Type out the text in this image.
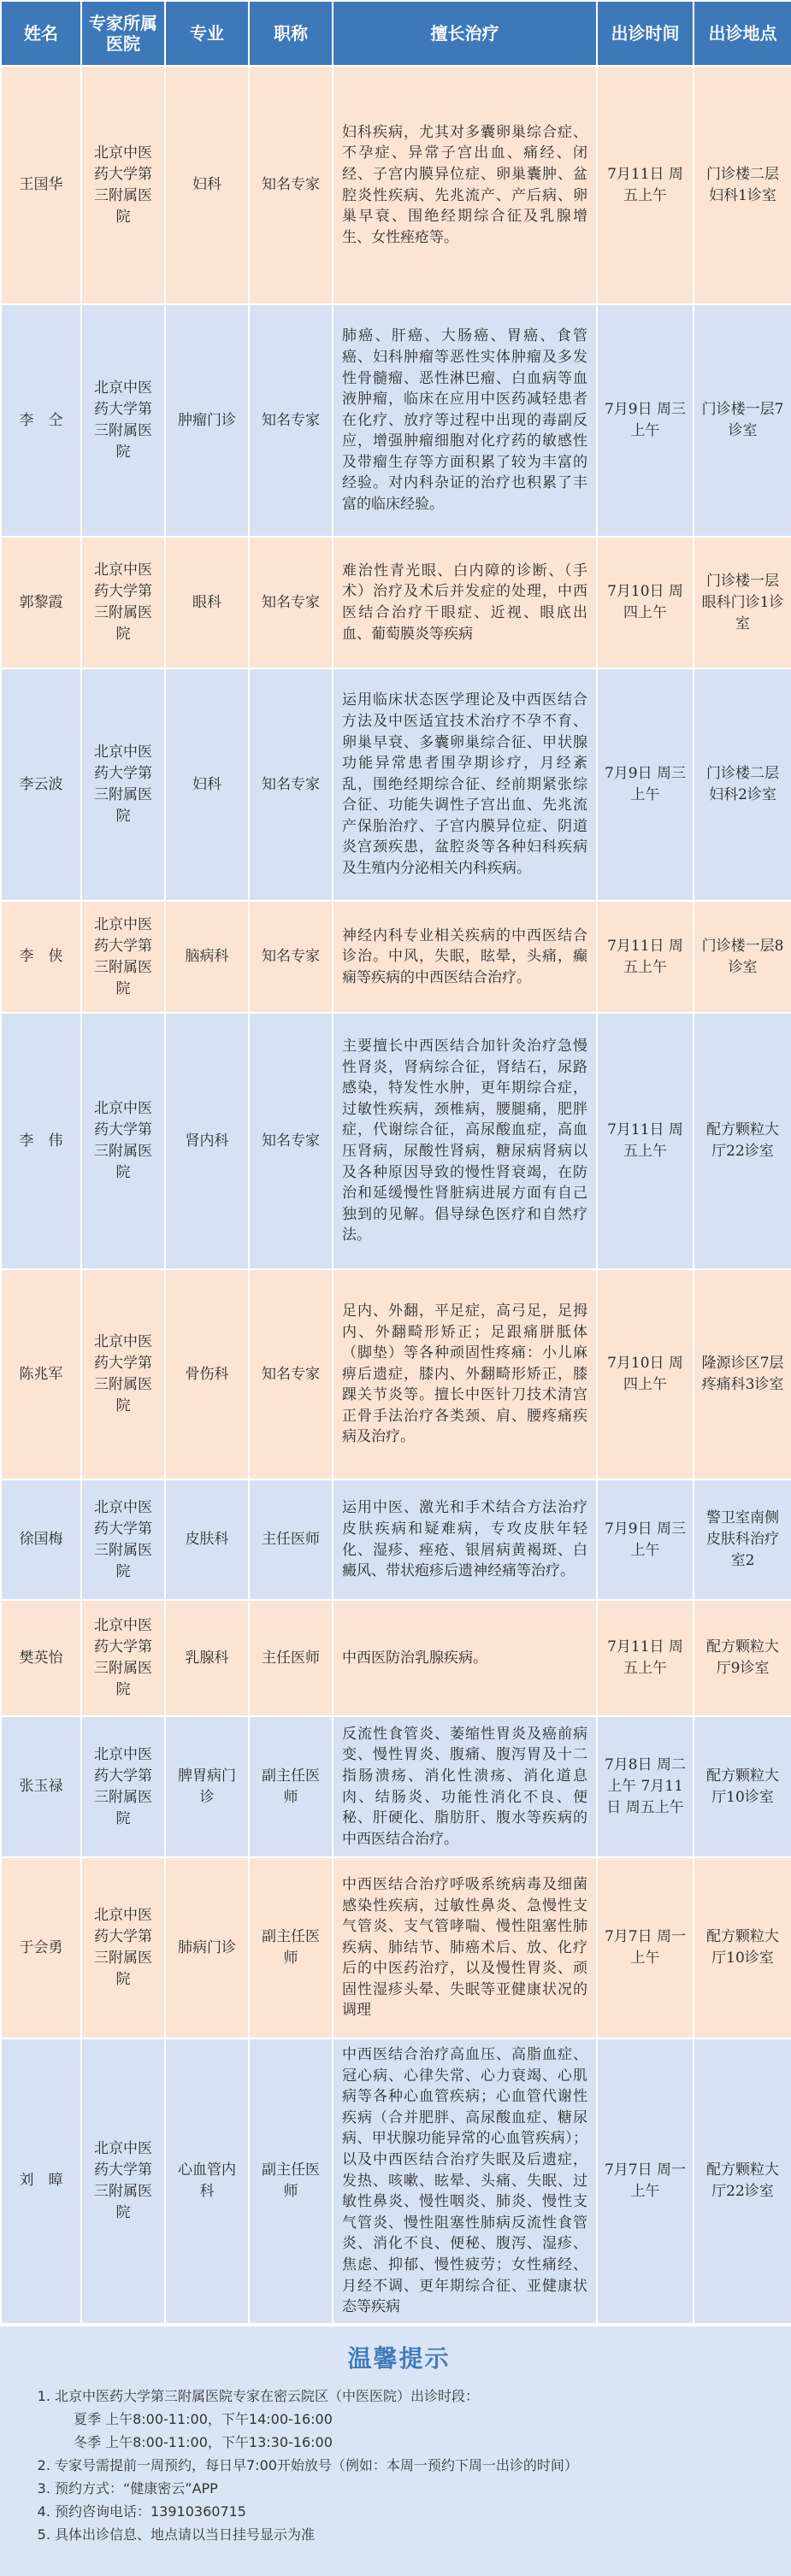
姓名	专家所属医院	专业	职称	擅长治疗	出诊时间	出诊地点
王国华	北京中医药大学第三附属医院	妇科	知名专家	妇科疾病，尤其对多囊卵巢综合症、不孕症、异常子宫出血、痛经、闭经、子宫内膜异位症、卵巢囊肿、盆腔炎性疾病、先兆流产、产后病、卵巢早衰、围绝经期综合征及乳腺增生、女性痤疮等。	7月11日 周五上午	门诊楼二层妇科1诊室
李　仝	北京中医药大学第三附属医院	肿瘤门诊	知名专家	肺癌、肝癌、大肠癌、胃癌、食管癌、妇科肿瘤等恶性实体肿瘤及多发性骨髓瘤、恶性淋巴瘤、白血病等血液肿瘤，临床在应用中医药减轻患者在化疗、放疗等过程中出现的毒副反应，增强肿瘤细胞对化疗药的敏感性及带瘤生存等方面积累了较为丰富的经验。对内科杂证的治疗也积累了丰富的临床经验。	7月9日 周三上午	门诊楼一层7诊室
郭黎霞	北京中医药大学第三附属医院	眼科	知名专家	难治性青光眼、白内障的诊断、（手术）治疗及术后并发症的处理，中西医结合治疗干眼症、近视、眼底出血、葡萄膜炎等疾病	7月10日 周四上午	门诊楼一层眼科门诊1诊室
李云波	北京中医药大学第三附属医院	妇科	知名专家	运用临床状态医学理论及中西医结合方法及中医适宜技术治疗不孕不育、卵巢早衰、多囊卵巢综合征、甲状腺功能异常患者围孕期诊疗，月经紊乱，围绝经期综合征、经前期紧张综合征、功能失调性子宫出血、先兆流产保胎治疗、子宫内膜异位症、阴道炎宫颈疾患，盆腔炎等各种妇科疾病及生殖内分泌相关内科疾病。	7月9日 周三上午	门诊楼二层妇科2诊室
李　侠	北京中医药大学第三附属医院	脑病科	知名专家	神经内科专业相关疾病的中西医结合诊治。中风，失眠，眩晕，头痛，癫痫等疾病的中西医结合治疗。	7月11日 周五上午	门诊楼一层8诊室
李　伟	北京中医药大学第三附属医院	肾内科	知名专家	主要擅长中西医结合加针灸治疗急慢性肾炎，肾病综合征，肾结石，尿路感染，特发性水肿，更年期综合症，过敏性疾病，颈椎病，腰腿痛，肥胖症，代谢综合征，高尿酸血症，高血压肾病，尿酸性肾病，糖尿病肾病以及各种原因导致的慢性肾衰竭，在防治和延缓慢性肾脏病进展方面有自己独到的见解。倡导绿色医疗和自然疗法。	7月11日 周五上午	配方颗粒大厅22诊室
陈兆军	北京中医药大学第三附属医院	骨伤科	知名专家	足内、外翻，平足症，高弓足，足拇内、外翻畸形矫正；足跟痛胼胝体（脚垫）等各种顽固性疼痛：小儿麻痹后遗症，膝内、外翻畸形矫正，膝踝关节炎等。擅长中医针刀技术清宫正骨手法治疗各类颈、肩、腰疼痛疾病及治疗。	7月10日 周四上午	隆源诊区7层疼痛科3诊室
徐国梅	北京中医药大学第三附属医院	皮肤科	主任医师	运用中医、激光和手术结合方法治疗皮肤疾病和疑难病，专攻皮肤年轻化、湿疹、痤疮、银屑病黄褐斑、白癜风、带状疱疹后遗神经痛等治疗。	7月9日 周三上午	警卫室南侧皮肤科治疗室2
樊英怡	北京中医药大学第三附属医院	乳腺科	主任医师	中西医防治乳腺疾病。	7月11日 周五上午	配方颗粒大厅9诊室
张玉禄	北京中医药大学第三附属医院	脾胃病门诊	副主任医师	反流性食管炎、萎缩性胃炎及癌前病变、慢性胃炎、腹痛、腹泻胃及十二指肠溃疡、消化性溃疡、消化道息肉、结肠炎、功能性消化不良、便秘、肝硬化、脂肪肝、腹水等疾病的中西医结合治疗。	7月8日 周二上午 7月11日 周五上午	配方颗粒大厅10诊室
于会勇	北京中医药大学第三附属医院	肺病门诊	副主任医师	中西医结合治疗呼吸系统病毒及细菌感染性疾病，过敏性鼻炎、急慢性支气管炎、支气管哮喘、慢性阻塞性肺疾病、肺结节、肺癌术后、放、化疗后的中医药治疗，以及慢性胃炎、顽固性湿疹头晕、失眠等亚健康状况的调理	7月7日 周一上午	配方颗粒大厅10诊室
刘　暲	北京中医药大学第三附属医院	心血管内科	副主任医师	中西医结合治疗高血压、高脂血症、冠心病、心律失常、心力衰竭、心肌病等各种心血管疾病；心血管代谢性疾病（合并肥胖、高尿酸血症、糖尿病、甲状腺功能异常的心血管疾病）；以及中西医结合治疗失眠及后遗症，发热、咳嗽、眩晕、头痛、失眠、过敏性鼻炎、慢性咽炎、肺炎、慢性支气管炎、慢性阻塞性肺病反流性食管炎、消化不良、便秘、腹泻、湿疹、焦虑、抑郁、慢性疲劳；女性痛经、月经不调、更年期综合征、亚健康状态等疾病	7月7日 周一上午	配方颗粒大厅22诊室
温馨提示
1. 北京中医药大学第三附属医院专家在密云院区（中医医院）出诊时段：
夏季 上午8:00-11:00，下午14:00-16:00
冬季 上午8:00-11:00，下午13:30-16:00
2. 专家号需提前一周预约，每日早7:00开始放号（例如：本周一预约下周一出诊的时间）
3. 预约方式：“健康密云”APP
4. 预约咨询电话：13910360715
5. 具体出诊信息、地点请以当日挂号显示为准
